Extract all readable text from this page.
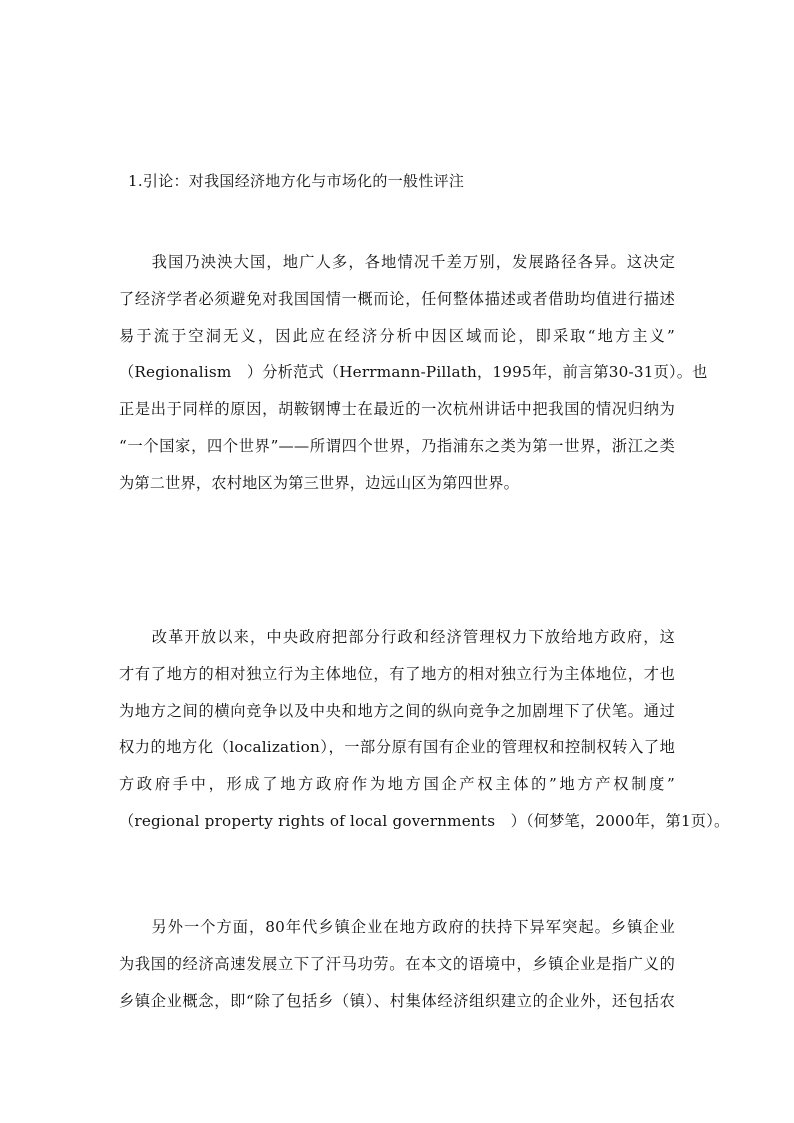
1.引论：对我国经济地方化与市场化的一般性评注
　　我国乃泱泱大国，地广人多，各地情况千差万别，发展路径各异。这决定
了经济学者必须避免对我国国情一概而论，任何整体描述或者借助均值进行描述
易于流于空洞无义，因此应在经济分析中因区域而论，即采取“地方主义”
（Regionalism　）分析范式（Herrmann-Pillath，1995年，前言第30-31页）。也
正是出于同样的原因，胡鞍钢博士在最近的一次杭州讲话中把我国的情况归纳为
“一个国家，四个世界”——所谓四个世界，乃指浦东之类为第一世界，浙江之类
为第二世界，农村地区为第三世界，边远山区为第四世界。
　　改革开放以来，中央政府把部分行政和经济管理权力下放给地方政府，这
才有了地方的相对独立行为主体地位，有了地方的相对独立行为主体地位，才也
为地方之间的横向竞争以及中央和地方之间的纵向竞争之加剧埋下了伏笔。通过
权力的地方化（localization），一部分原有国有企业的管理权和控制权转入了地
方政府手中，形成了地方政府作为地方国企产权主体的”地方产权制度”
（regional property rights of local governments　）（何梦笔，2000年，第1页）。
　　另外一个方面，80年代乡镇企业在地方政府的扶持下异军突起。乡镇企业
为我国的经济高速发展立下了汗马功劳。在本文的语境中，乡镇企业是指广义的
乡镇企业概念，即“除了包括乡（镇）、村集体经济组织建立的企业外，还包括农
